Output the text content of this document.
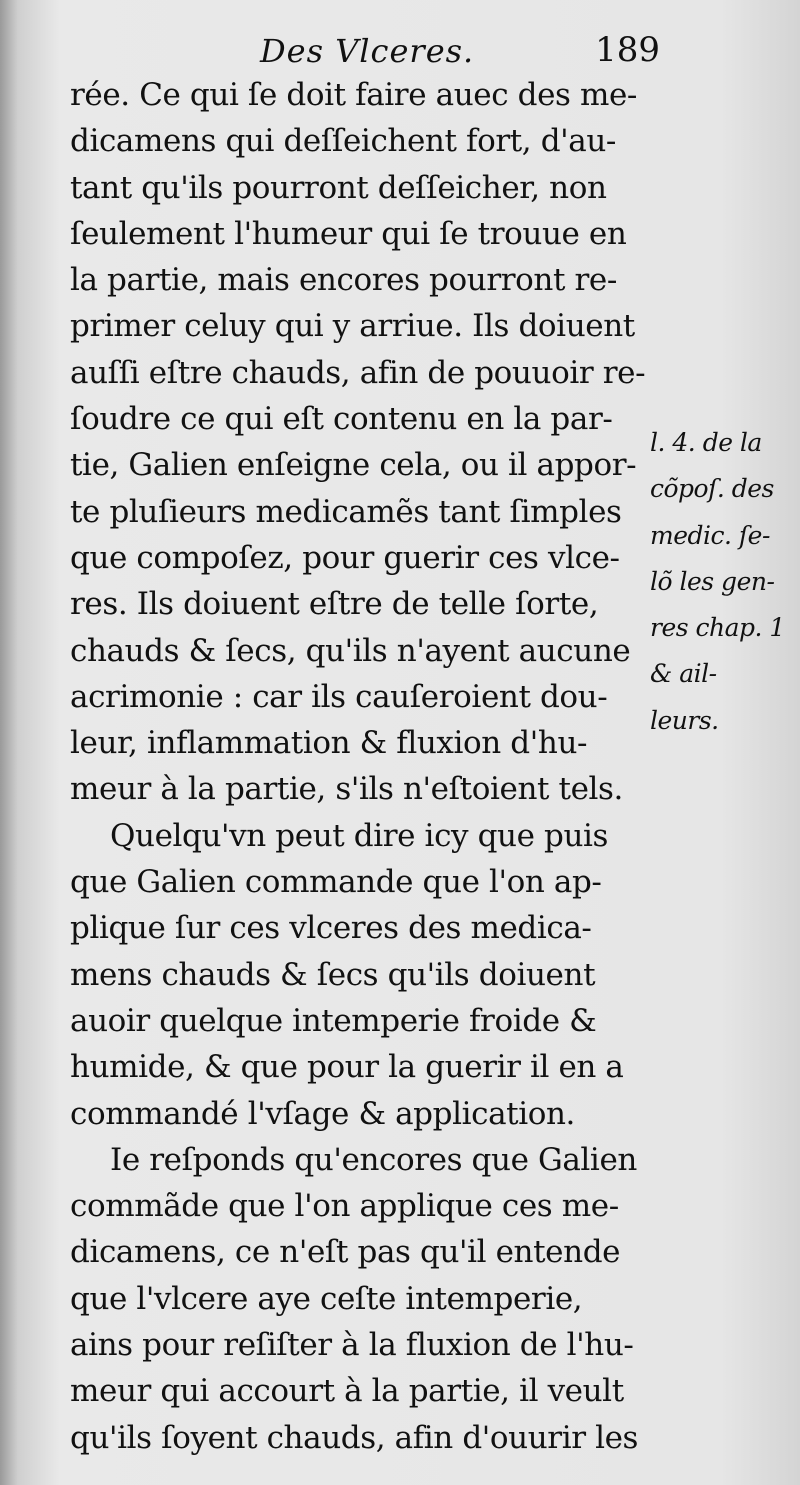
Des Vlceres.	189
rée. Ce qui ſe doit faire auec des me-
dicamens qui deſſeichent fort, d'au-
tant qu'ils pourront deſſeicher, non
ſeulement l'humeur qui ſe trouue en
la partie, mais encores pourront re-
primer celuy qui y arriue. Ils doiuent
auſſi eſtre chauds, afin de pouuoir re-
ſoudre ce qui eſt contenu en la par-
tie, Galien enſeigne cela, ou il appor-
te pluſieurs medicamẽs tant ſimples
que compoſez, pour guerir ces vlce-
res. Ils doiuent eſtre de telle ſorte,
chauds & ſecs, qu'ils n'ayent aucune
acrimonie : car ils cauſeroient dou-
leur, inflammation & fluxion d'hu-
meur à la partie, s'ils n'eſtoient tels.
Quelqu'vn peut dire icy que puis
que Galien commande que l'on ap-
plique ſur ces vlceres des medica-
mens chauds & ſecs qu'ils doiuent
auoir quelque intemperie froide &
humide, & que pour la guerir il en a
commandé l'vſage & application.
Ie reſponds qu'encores que Galien
commãde que l'on applique ces me-
dicamens, ce n'eſt pas qu'il entende
que l'vlcere aye ceſte intemperie,
ains pour reſiſter à la fluxion de l'hu-
meur qui accourt à la partie, il veult
qu'ils ſoyent chauds, afin d'ouurir les
l. 4. de la
cõpoſ. des
medic. ſe-
lõ les gen-
res chap. 1
& ail-
leurs.
